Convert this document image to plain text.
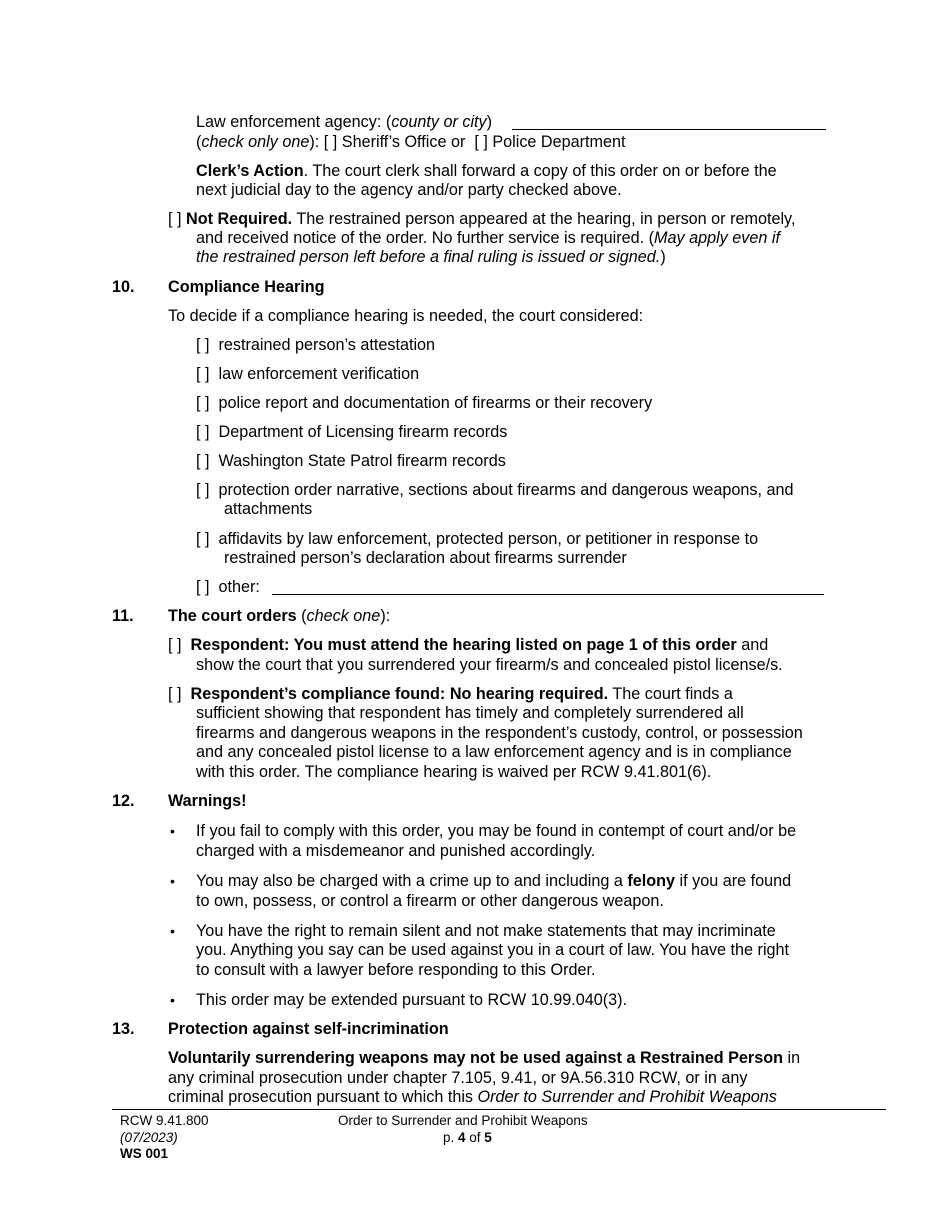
Law enforcement agency: (county or city)
(check only one): [ ] Sheriff’s Office or [ ] Police Department
Clerk’s Action. The court clerk shall forward a copy of this order on or before the
next judicial day to the agency and/or party checked above.
[ ] Not Required. The restrained person appeared at the hearing, in person or remotely,
and received notice of the order. No further service is required. (May apply even if
the restrained person left before a final ruling is issued or signed.)
10. Compliance Hearing
To decide if a compliance hearing is needed, the court considered:
[ ] restrained person’s attestation
[ ] law enforcement verification
[ ] police report and documentation of firearms or their recovery
[ ] Department of Licensing firearm records
[ ] Washington State Patrol firearm records
[ ] protection order narrative, sections about firearms and dangerous weapons, and
attachments
[ ] affidavits by law enforcement, protected person, or petitioner in response to
restrained person’s declaration about firearms surrender
[ ] other:
11. The court orders (check one):
[ ] Respondent: You must attend the hearing listed on page 1 of this order and
show the court that you surrendered your firearm/s and concealed pistol license/s.
[ ] Respondent’s compliance found: No hearing required. The court finds a
sufficient showing that respondent has timely and completely surrendered all
firearms and dangerous weapons in the respondent’s custody, control, or possession
and any concealed pistol license to a law enforcement agency and is in compliance
with this order. The compliance hearing is waived per RCW 9.41.801(6).
12. Warnings!
• If you fail to comply with this order, you may be found in contempt of court and/or be
charged with a misdemeanor and punished accordingly.
• You may also be charged with a crime up to and including a felony if you are found
to own, possess, or control a firearm or other dangerous weapon.
• You have the right to remain silent and not make statements that may incriminate
you. Anything you say can be used against you in a court of law. You have the right
to consult with a lawyer before responding to this Order.
• This order may be extended pursuant to RCW 10.99.040(3).
13. Protection against self-incrimination
Voluntarily surrendering weapons may not be used against a Restrained Person in
any criminal prosecution under chapter 7.105, 9.41, or 9A.56.310 RCW, or in any
criminal prosecution pursuant to which this Order to Surrender and Prohibit Weapons
RCW 9.41.800
(07/2023)
WS 001
Order to Surrender and Prohibit Weapons
p. 4 of 5
